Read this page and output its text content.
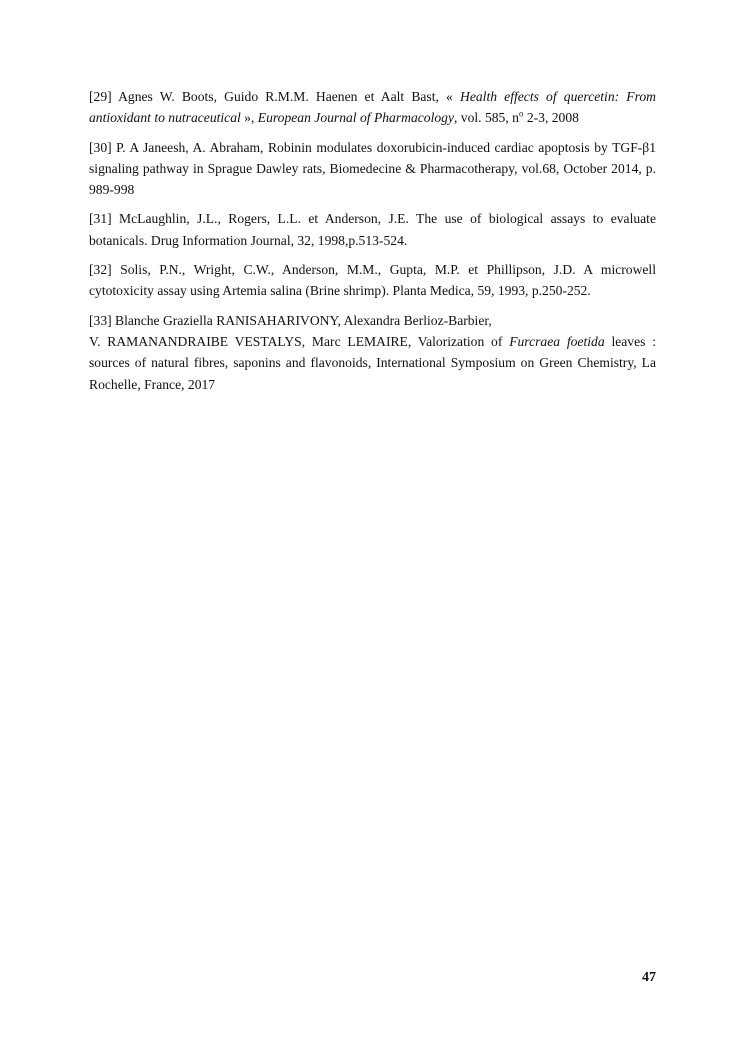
[29] Agnes W. Boots, Guido R.M.M. Haenen et Aalt Bast, « Health effects of quercetin: From antioxidant to nutraceutical », European Journal of Pharmacology, vol. 585, $n^o$ 2-3, 2008

[30] P. A Janeesh, A. Abraham, Robinin modulates doxorubicin-induced cardiac apoptosis by TGF-β1 signaling pathway in Sprague Dawley rats, Biomedecine & Pharmacotherapy, vol.68, October 2014, p. 989-998

[31] McLaughlin, J.L., Rogers, L.L. et Anderson, J.E. The use of biological assays to evaluate botanicals. Drug Information Journal, 32, 1998,p.513-524.

[32] Solis, P.N., Wright, C.W., Anderson, M.M., Gupta, M.P. et Phillipson, J.D. A microwell cytotoxicity assay using Artemia salina (Brine shrimp). Planta Medica, 59, 1993, p.250-252.

[33] Blanche Graziella RANISAHARIVONY, Alexandra Berlioz-Barbier,
V. RAMANANDRAIBE VESTALYS, Marc LEMAIRE, Valorization of Furcraea foetida leaves : sources of natural fibres, saponins and flavonoids, International Symposium on Green Chemistry, La Rochelle, France, 2017

47
